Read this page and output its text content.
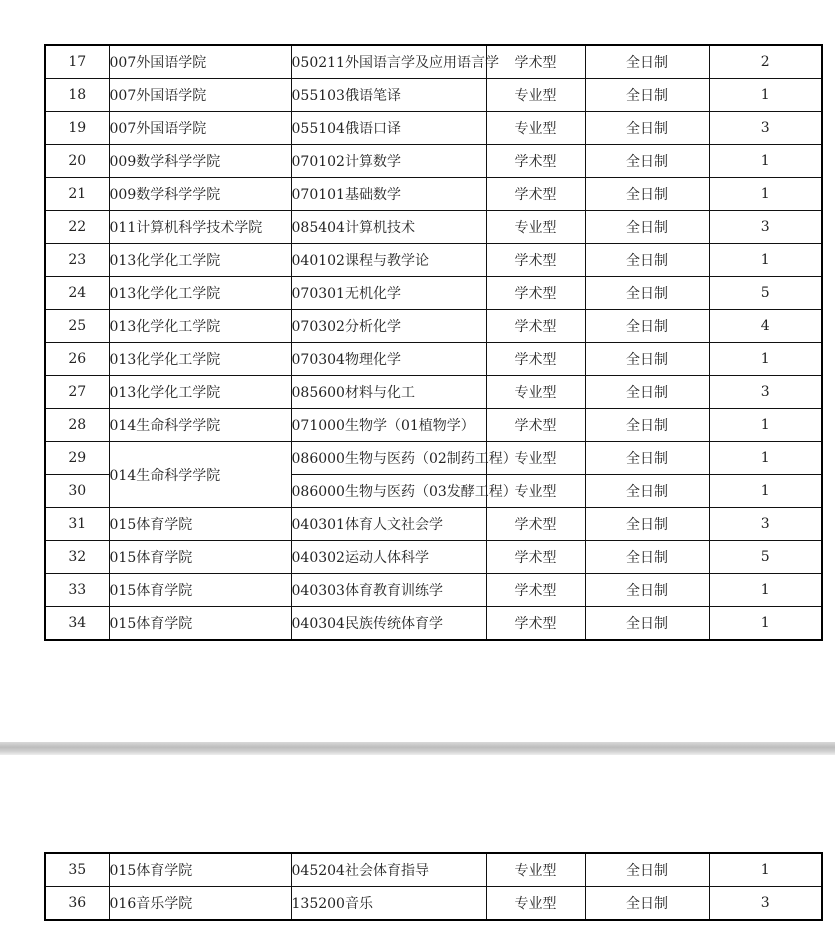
17	007外国语学院	050211外国语言学及应用语言学	学术型	全日制	2
18	007外国语学院	055103俄语笔译	专业型	全日制	1
19	007外国语学院	055104俄语口译	专业型	全日制	3
20	009数学科学学院	070102计算数学	学术型	全日制	1
21	009数学科学学院	070101基础数学	学术型	全日制	1
22	011计算机科学技术学院	085404计算机技术	专业型	全日制	3
23	013化学化工学院	040102课程与教学论	学术型	全日制	1
24	013化学化工学院	070301无机化学	学术型	全日制	5
25	013化学化工学院	070302分析化学	学术型	全日制	4
26	013化学化工学院	070304物理化学	学术型	全日制	1
27	013化学化工学院	085600材料与化工	专业型	全日制	3
28	014生命科学学院	071000生物学（01植物学）	学术型	全日制	1
29	014生命科学学院	086000生物与医药（02制药工程）	专业型	全日制	1
30		086000生物与医药（03发酵工程）	专业型	全日制	1
31	015体育学院	040301体育人文社会学	学术型	全日制	3
32	015体育学院	040302运动人体科学	学术型	全日制	5
33	015体育学院	040303体育教育训练学	学术型	全日制	1
34	015体育学院	040304民族传统体育学	学术型	全日制	1
35	015体育学院	045204社会体育指导	专业型	全日制	1
36	016音乐学院	135200音乐	专业型	全日制	3
